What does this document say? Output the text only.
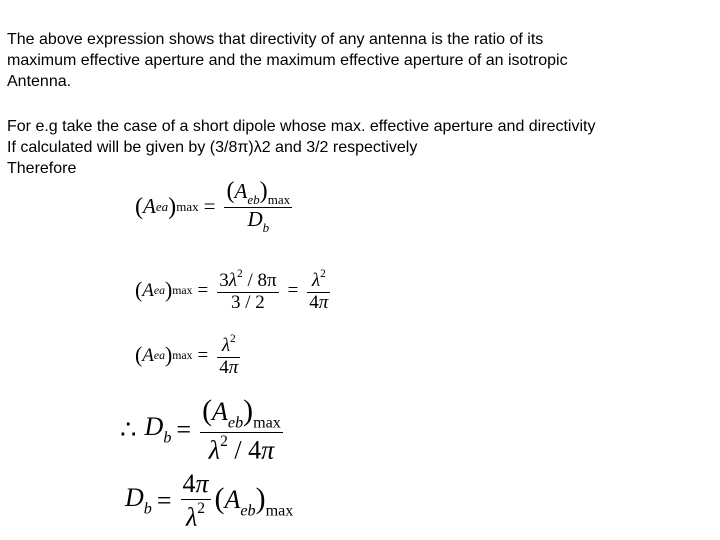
The above expression shows that directivity of any antenna is the ratio of its
maximum effective aperture and the maximum effective aperture of an isotropic
Antenna.
For e.g take the case of a short dipole whose max. effective aperture and directivity
If calculated will be given by (3/8π)λ2 and 3/2 respectively
Therefore
( A ea ) $\max = \frac{(A_{eb})_{max}}{D_b}$
( A ea ) $\max = \frac{3\lambda^2 / 8\pi}{3 / 2} = \frac{\lambda^2}{4\pi}$
( A ea ) $\max = \frac{\lambda^2}{4\pi}$
∴ $D_b = \frac{(A_{eb})_{max}}{\lambda^2 / 4\pi}$
$D_b = \frac{4\pi}{\lambda^2} (A_{eb})_{max}$
